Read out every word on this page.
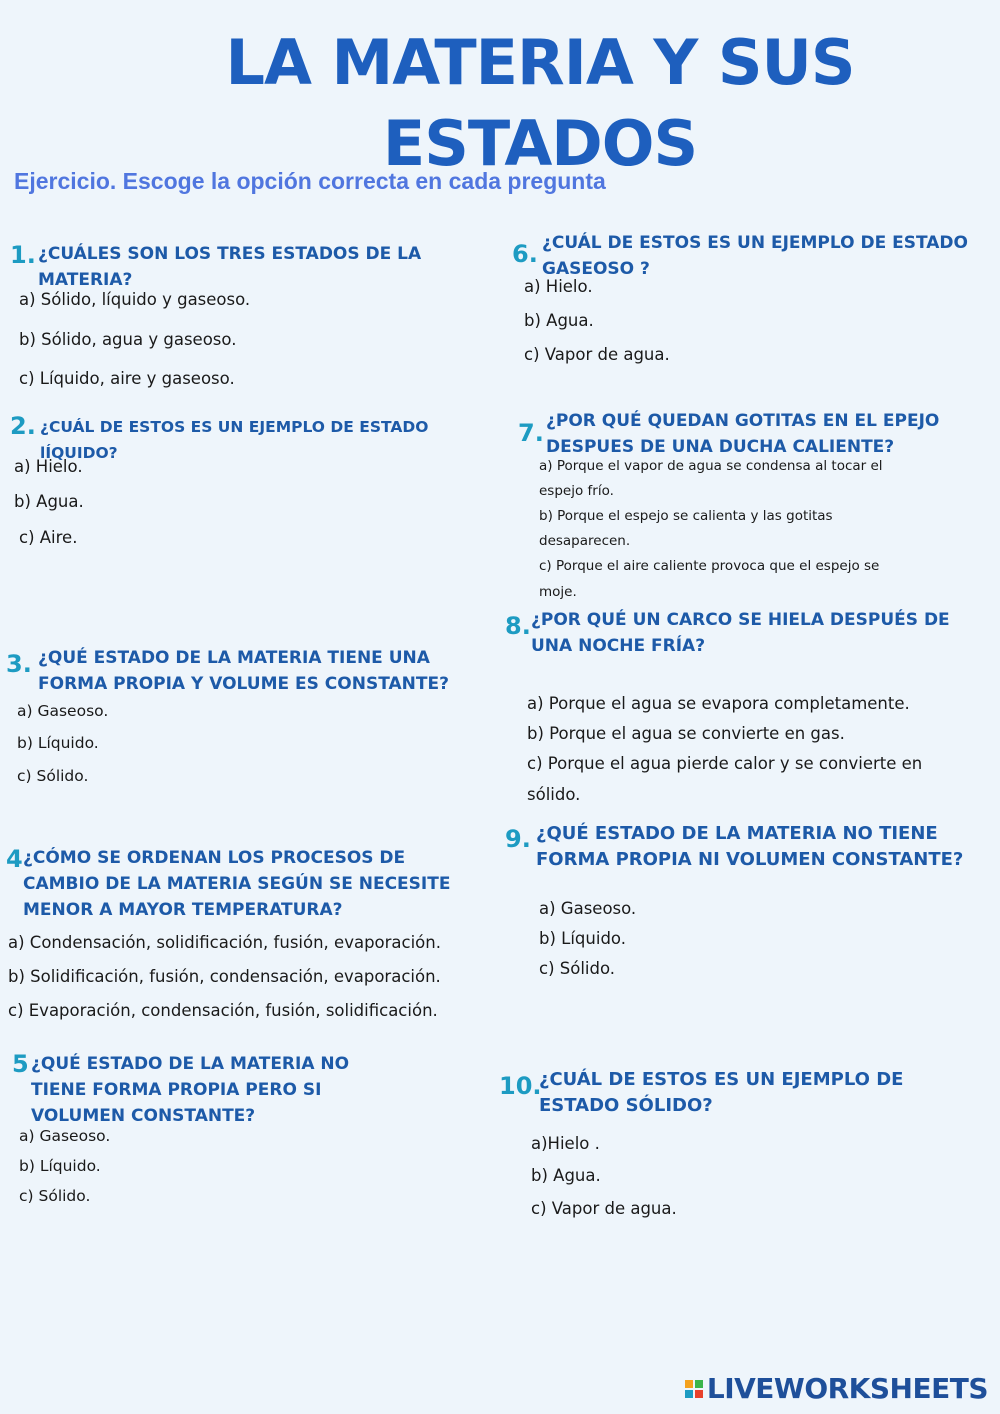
LA MATERIA Y SUS
ESTADOS
Ejercicio. Escoge la opción correcta en cada pregunta
1. ¿CUÁLES SON LOS TRES ESTADOS DE LA MATERIA?
a) Sólido, líquido y gaseoso.
b) Sólido, agua y gaseoso.
c) Líquido, aire y gaseoso.
2. ¿CUÁL DE ESTOS ES UN EJEMPLO DE ESTADO lÍQUIDO?
a) Hielo.
b) Agua.
c) Aire.
3. ¿QUÉ ESTADO DE LA MATERIA TIENE UNA FORMA PROPIA Y VOLUME ES CONSTANTE?
a) Gaseoso.
b) Líquido.
c) Sólido.
4 ¿CÓMO SE ORDENAN LOS PROCESOS DE CAMBIO DE LA MATERIA SEGÚN SE NECESITE MENOR A MAYOR TEMPERATURA?
a) Condensación, solidificación, fusión, evaporación.
b) Solidificación, fusión, condensación, evaporación.
c) Evaporación, condensación, fusión, solidificación.
5 ¿QUÉ ESTADO DE LA MATERIA NO TIENE FORMA PROPIA PERO SI VOLUMEN CONSTANTE?
a) Gaseoso.
b) Líquido.
c) Sólido.
6. ¿CUÁL DE ESTOS ES UN EJEMPLO DE ESTADO GASEOSO ?
a) Hielo.
b) Agua.
c) Vapor de agua.
7. ¿POR QUÉ QUEDAN GOTITAS EN EL EPEJO DESPUES DE UNA DUCHA CALIENTE?
a) Porque el vapor de agua se condensa al tocar el
espejo frío.
b) Porque el espejo se calienta y las gotitas
desaparecen.
c) Porque el aire caliente provoca que el espejo se
moje.
8. ¿POR QUÉ UN CARCO SE HIELA DESPUÉS DE UNA NOCHE FRÍA?
a) Porque el agua se evapora completamente.
b) Porque el agua se convierte en gas.
c) Porque el agua pierde calor y se convierte en
sólido.
9. ¿QUÉ ESTADO DE LA MATERIA NO TIENE FORMA PROPIA NI VOLUMEN CONSTANTE?
a) Gaseoso.
b) Líquido.
c) Sólido.
10.
¿CUÁL DE ESTOS ES UN EJEMPLO DE ESTADO SÓLIDO?
a)Hielo .
b) Agua.
c) Vapor de agua.
LIVEWORKSHEETS
